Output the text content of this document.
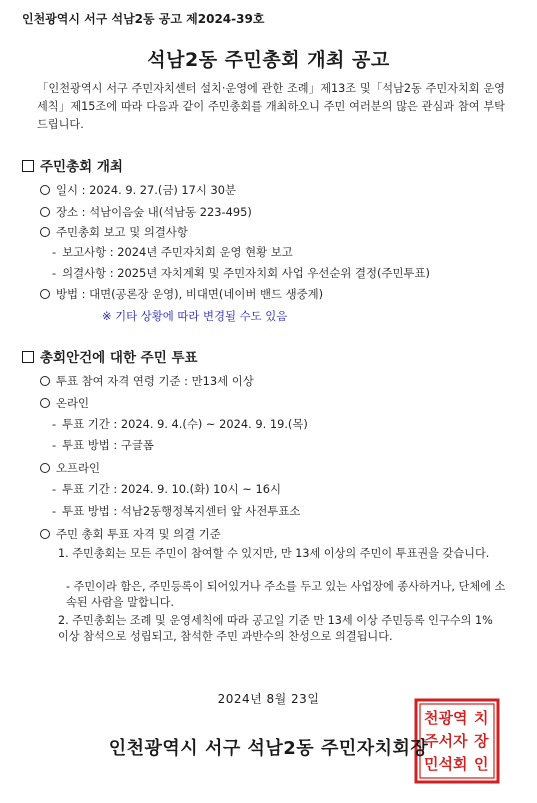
인천광역시 서구 석남2동 공고 제2024-39호
석남2동 주민총회 개최 공고
「인천광역시 서구 주민자치센터 설치·운영에 관한 조례」제13조 및「석남2동 주민자치회 운영세칙」제15조에 따라 다음과 같이 주민총회를 개최하오니 주민 여러분의 많은 관심과 참여 부탁드립니다.
주민총회 개최
일시 : 2024. 9. 27.(금) 17시 30분
장소 : 석남이음숲 내(석남동 223-495)
주민총회 보고 및 의결사항
- 보고사항 : 2024년 주민자치회 운영 현황 보고
- 의결사항 : 2025년 자치계획 및 주민자치회 사업 우선순위 결정(주민투표)
방법 : 대면(공론장 운영), 비대면(네이버 밴드 생중계)
※ 기타 상황에 따라 변경될 수도 있음
총회안건에 대한 주민 투표
투표 참여 자격 연령 기준 : 만13세 이상
온라인
- 투표 기간 : 2024. 9. 4.(수) ~ 2024. 9. 19.(목)
- 투표 방법 : 구글폼
오프라인
- 투표 기간 : 2024. 9. 10.(화) 10시 ~ 16시
- 투표 방법 : 석남2동행정복지센터 앞 사전투표소
주민 총회 투표 자격 및 의결 기준
1. 주민총회는 모든 주민이 참여할 수 있지만, 만 13세 이상의 주민이 투표권을 갖습니다.
- 주민이라 함은, 주민등록이 되어있거나 주소를 두고 있는 사업장에 종사하거나, 단체에 소속된 사람을 말합니다.
2. 주민총회는 조례 및 운영세칙에 따라 공고일 기준 만 13세 이상 주민등록 인구수의 1% 이상 참석으로 성립되고, 참석한 주민 과반수의 찬성으로 의결됩니다.
2024년 8월 23일
천광역
주서자
민석회
치
장
인
인천광역시 서구 석남2동 주민자치회장
